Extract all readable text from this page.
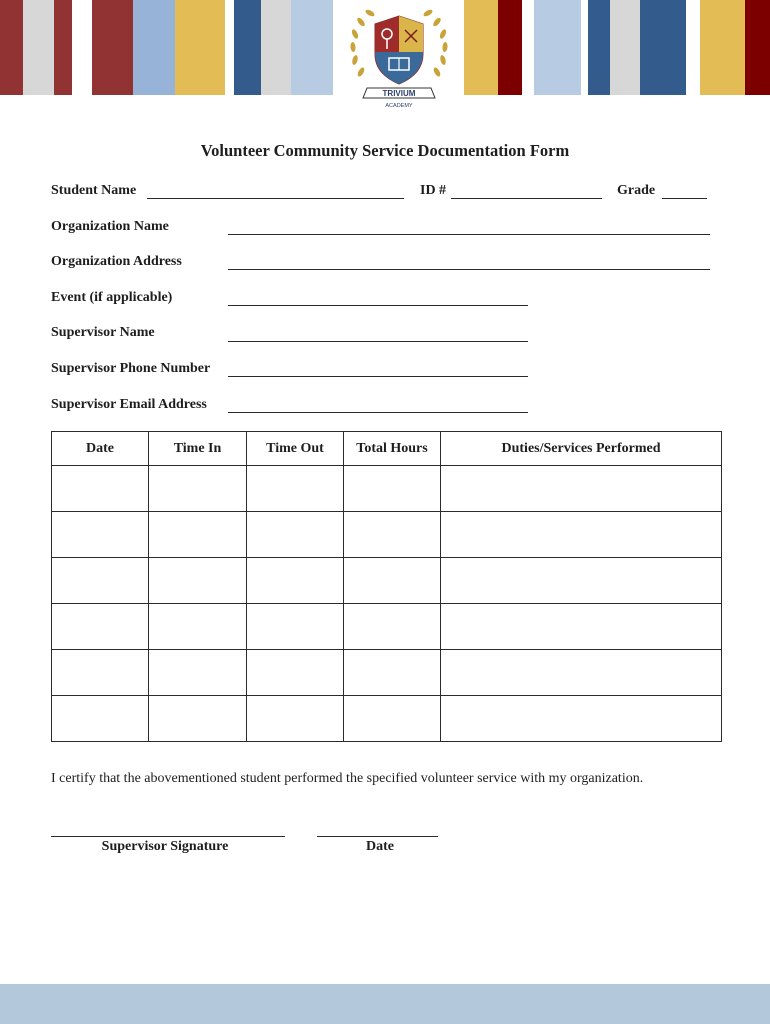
TRIVIUM
ACADEMY
Volunteer Community Service Documentation Form
Student Name	ID #	Grade
Organization Name
Organization Address
Event (if applicable)
Supervisor Name
Supervisor Phone Number
Supervisor Email Address
Date	Time In	Time Out	Total Hours	Duties/Services Performed

I certify that the abovementioned student performed the specified volunteer service with my organization.
Supervisor Signature	Date
